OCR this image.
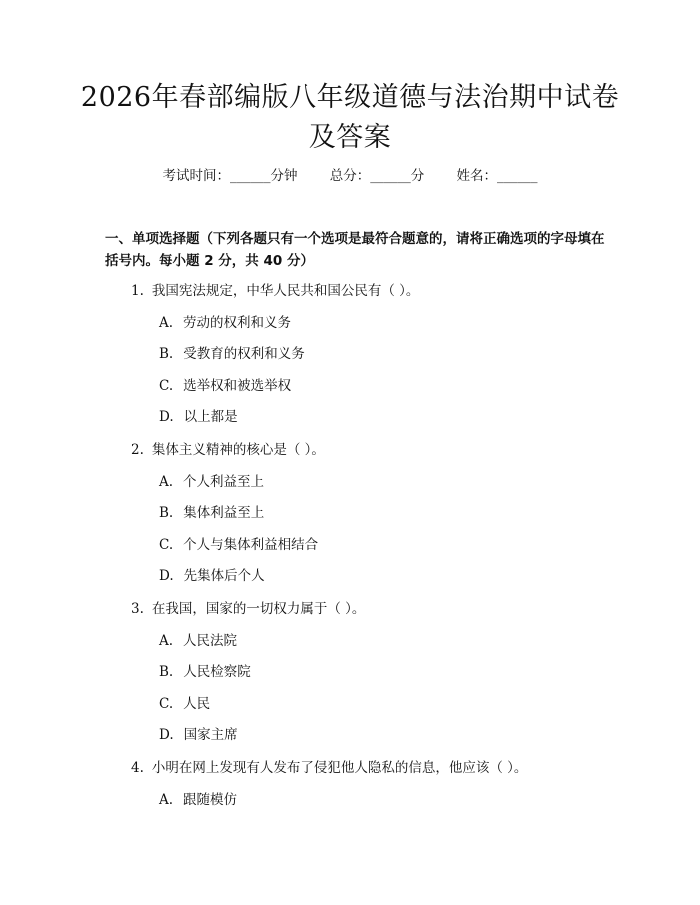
2026年春部编版八年级道德与法治期中试卷及答案
考试时间：______分钟 总分：______分 姓名：______
一、单项选择题（下列各题只有一个选项是最符合题意的，请将正确选项的字母填在括号内。每小题 2 分，共 40 分）
1. 我国宪法规定，中华人民共和国公民有（ ）。
A. 劳动的权利和义务
B. 受教育的权利和义务
C. 选举权和被选举权
D. 以上都是
2. 集体主义精神的核心是（ ）。
A. 个人利益至上
B. 集体利益至上
C. 个人与集体利益相结合
D. 先集体后个人
3. 在我国，国家的一切权力属于（ ）。
A. 人民法院
B. 人民检察院
C. 人民
D. 国家主席
4. 小明在网上发现有人发布了侵犯他人隐私的信息，他应该（ ）。
A. 跟随模仿
